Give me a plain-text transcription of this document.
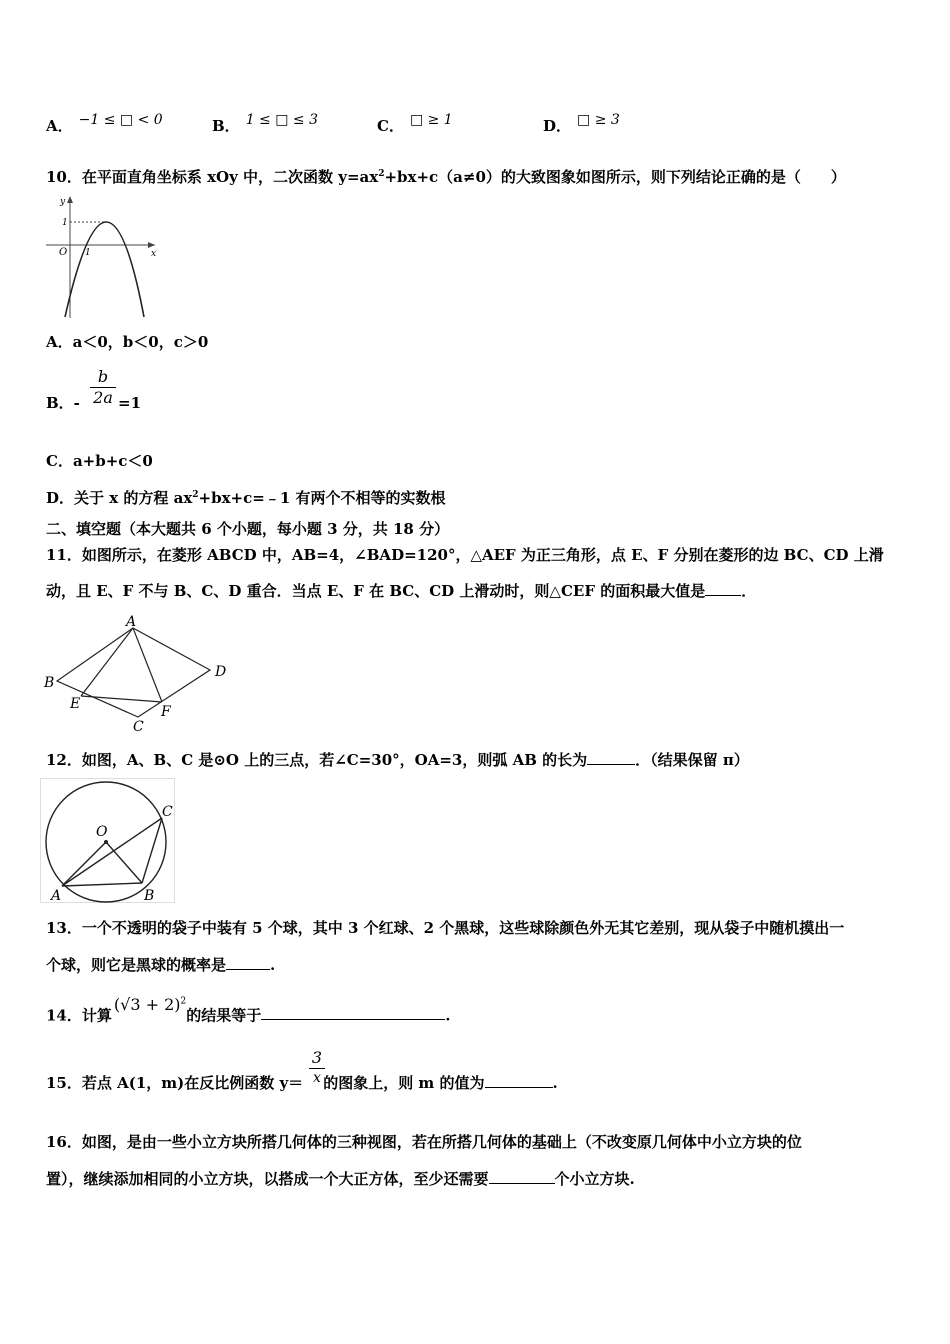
A． −1 ≤ □ < 0	B． 1 ≤ □ ≤ 3	C． □ ≥ 1	D． □ ≥ 3
10．在平面直角坐标系 xOy 中，二次函数 $y=ax^2+bx+c(a\ne 0)$的大致图象如图所示，则下列结论正确的是（　　）
y
x
O
1
1
A．a＜0，b＜0，c＞0
B．- $\frac{b}{2a} =1$
C．a+b+c＜0
D．关于 x 的方程 $ax^2+bx+c=﹣1$ 有两个不相等的实数根
二、填空题（本大题共 6 个小题，每小题 3 分，共 18 分）
11．如图所示，在菱形 ABCD 中，AB=4，∠BAD=120°，△AEF 为正三角形，点 E、F 分别在菱形的边 BC、CD 上滑
动，且 E、F 不与 B、C、D 重合．当点 E、F 在 BC、CD 上滑动时，则△CEF 的面积最大值是 ．
A
B
C
D
E	F
12．如图，A、B、C 是⊙O 上的三点，若∠C=30°，OA=3，则弧 AB 的长为	．（结果保留 π）
O
A	B
C
13．一个不透明的袋子中装有 5 个球，其中 3 个红球、2 个黑球，这些球除颜色外无其它差别，现从袋子中随机摸出一
个球，则它是黑球的概率是	.
14．计算$(√3 + 2)^2$的结果等于	.
$\frac{3}{x}$
15．若点 A(1，m)在反比例函数 y＝ 的图象上，则 m 的值为	.
16．如图，是由一些小立方块所搭几何体的三种视图，若在所搭几何体的基础上（不改变原几何体中小立方块的位
置），继续添加相同的小立方块，以搭成一个大正方体，至少还需要	个小立方块.
